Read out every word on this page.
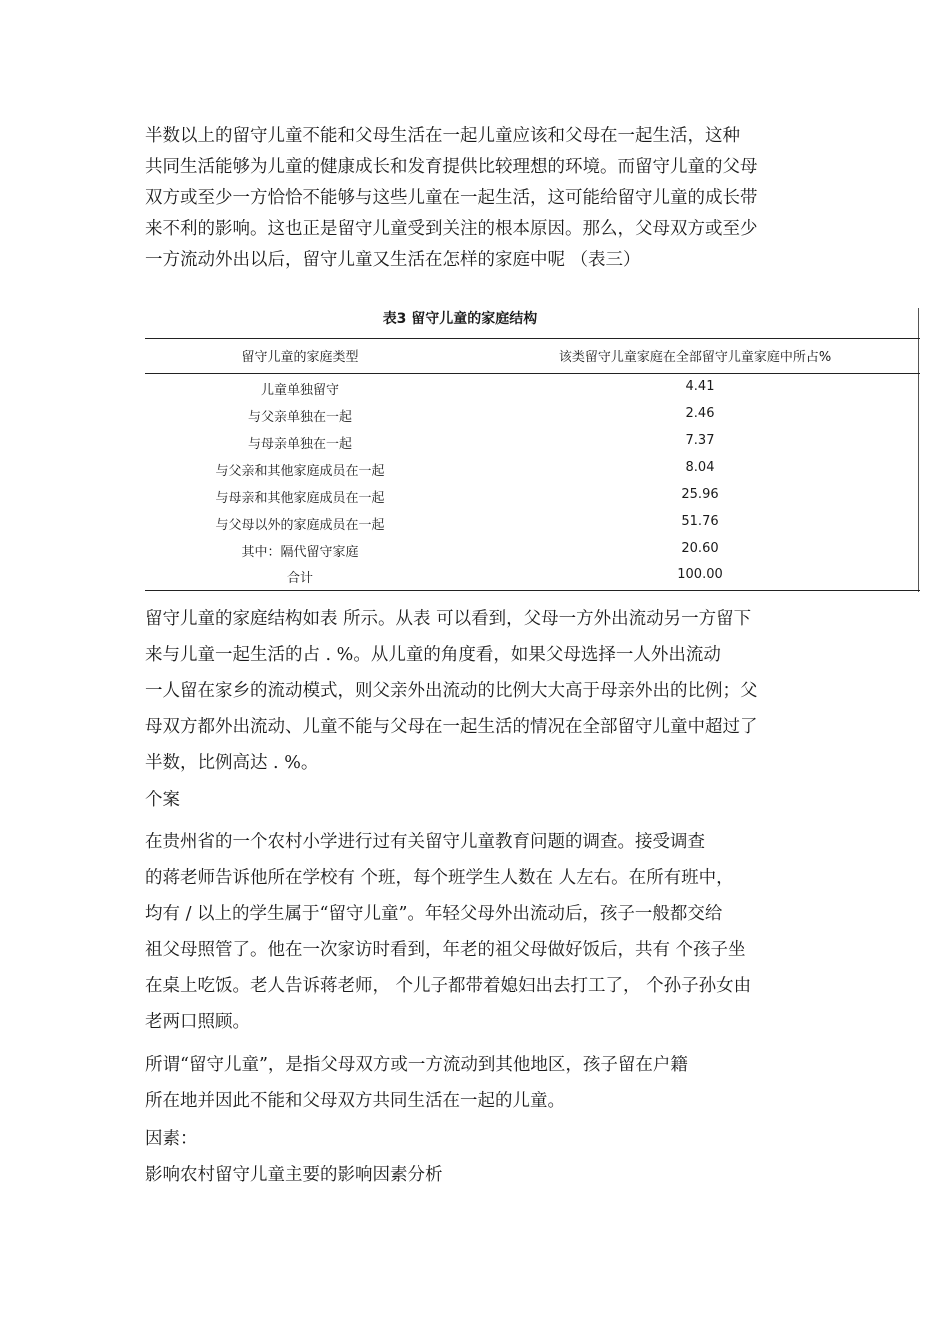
半数以上的留守儿童不能和父母生活在一起儿童应该和父母在一起生活，这种
共同生活能够为儿童的健康成长和发育提供比较理想的环境。而留守儿童的父母
双方或至少一方恰恰不能够与这些儿童在一起生活，这可能给留守儿童的成长带
来不利的影响。这也正是留守儿童受到关注的根本原因。那么，父母双方或至少
一方流动外出以后，留守儿童又生活在怎样的家庭中呢 （表三）
表3 留守儿童的家庭结构
留守儿童的家庭类型	该类留守儿童家庭在全部留守儿童家庭中所占%
儿童单独留守	4.41
与父亲单独在一起	2.46
与母亲单独在一起	7.37
与父亲和其他家庭成员在一起	8.04
与母亲和其他家庭成员在一起	25.96
与父母以外的家庭成员在一起	51.76
其中：隔代留守家庭	20.60
合计	100.00
留守儿童的家庭结构如表 所示。从表 可以看到，父母一方外出流动另一方留下
来与儿童一起生活的占 . %。从儿童的角度看，如果父母选择一人外出流动
一人留在家乡的流动模式，则父亲外出流动的比例大大高于母亲外出的比例；父
母双方都外出流动、儿童不能与父母在一起生活的情况在全部留守儿童中超过了
半数，比例高达 . %。
个案
在贵州省的一个农村小学进行过有关留守儿童教育问题的调查。接受调查
的蒋老师告诉他所在学校有 个班，每个班学生人数在 人左右。在所有班中，
均有 / 以上的学生属于“留守儿童”。年轻父母外出流动后，孩子一般都交给
祖父母照管了。他在一次家访时看到，年老的祖父母做好饭后，共有 个孩子坐
在桌上吃饭。老人告诉蒋老师， 个儿子都带着媳妇出去打工了， 个孙子孙女由
老两口照顾。
所谓“留守儿童”，是指父母双方或一方流动到其他地区，孩子留在户籍
所在地并因此不能和父母双方共同生活在一起的儿童。
因素：
影响农村留守儿童主要的影响因素分析
